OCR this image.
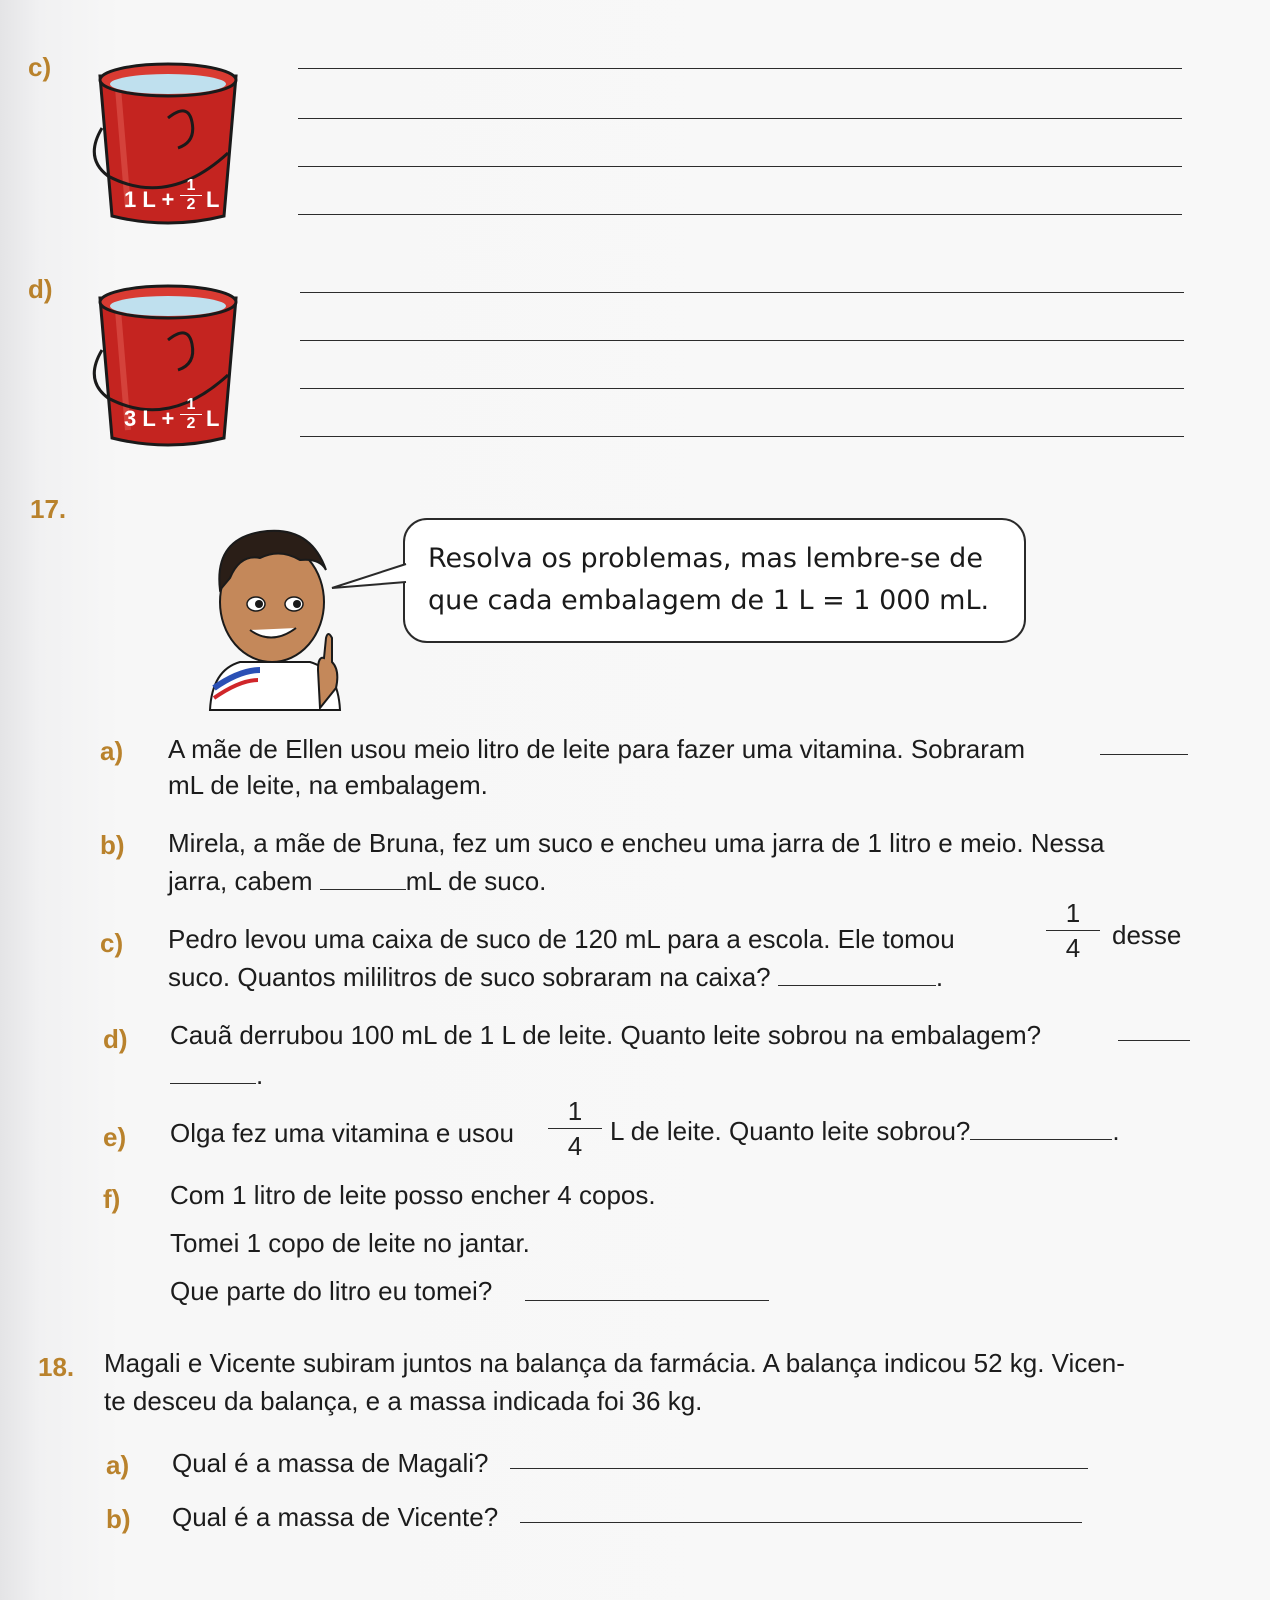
c)
1 L +
1
2 L
d)
3 L +
1
2 L
17.
Resolva os problemas, mas lembre-se de
que cada embalagem de 1 L = 1 000 mL.
a) A mãe de Ellen usou meio litro de leite para fazer uma vitamina. Sobraram
mL de leite, na embalagem.
b) Mirela, a mãe de Bruna, fez um suco e encheu uma jarra de 1 litro e meio. Nessa
jarra, cabem	mL de suco.
c) Pedro levou uma caixa de suco de 120 mL para a escola. Ele tomou
1
4	desse
suco. Quantos mililitros de suco sobraram na caixa?	.
d) Cauã derrubou 100 mL de 1 L de leite. Quanto leite sobrou na embalagem?
.
e) Olga fez uma vitamina e usou
1
4	L de leite. Quanto leite sobrou?	.
f) Com 1 litro de leite posso encher 4 copos.
Tomei 1 copo de leite no jantar.
Que parte do litro eu tomei?
18. Magali e Vicente subiram juntos na balança da farmácia. A balança indicou 52 kg. Vicen-
te desceu da balança, e a massa indicada foi 36 kg.
a) Qual é a massa de Magali?
b) Qual é a massa de Vicente?
